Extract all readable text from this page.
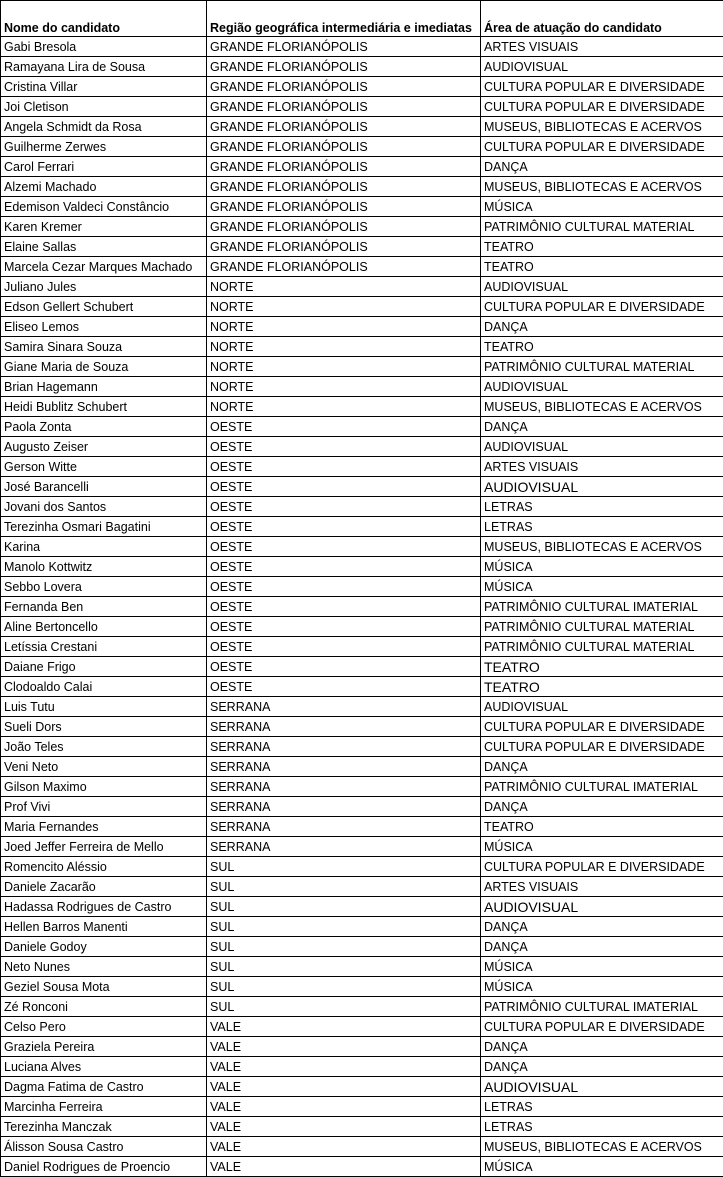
Nome do candidato	Região geográfica intermediária e imediatas	Área de atuação do candidato
Gabi Bresola	GRANDE FLORIANÓPOLIS	ARTES VISUAIS
Ramayana Lira de Sousa	GRANDE FLORIANÓPOLIS	AUDIOVISUAL
Cristina Villar	GRANDE FLORIANÓPOLIS	CULTURA POPULAR E DIVERSIDADE
Joi Cletison	GRANDE FLORIANÓPOLIS	CULTURA POPULAR E DIVERSIDADE
Angela Schmidt da Rosa	GRANDE FLORIANÓPOLIS	MUSEUS, BIBLIOTECAS E ACERVOS
Guilherme Zerwes	GRANDE FLORIANÓPOLIS	CULTURA POPULAR E DIVERSIDADE
Carol Ferrari	GRANDE FLORIANÓPOLIS	DANÇA
Alzemi Machado	GRANDE FLORIANÓPOLIS	MUSEUS, BIBLIOTECAS E ACERVOS
Edemison Valdeci Constâncio	GRANDE FLORIANÓPOLIS	MÚSICA
Karen Kremer	GRANDE FLORIANÓPOLIS	PATRIMÔNIO CULTURAL MATERIAL
Elaine Sallas	GRANDE FLORIANÓPOLIS	TEATRO
Marcela Cezar Marques Machado	GRANDE FLORIANÓPOLIS	TEATRO
Juliano Jules	NORTE	AUDIOVISUAL
Edson Gellert Schubert	NORTE	CULTURA POPULAR E DIVERSIDADE
Eliseo Lemos	NORTE	DANÇA
Samira Sinara Souza	NORTE	TEATRO
Giane Maria de Souza	NORTE	PATRIMÔNIO CULTURAL MATERIAL
Brian Hagemann	NORTE	AUDIOVISUAL
Heidi Bublitz Schubert	NORTE	MUSEUS, BIBLIOTECAS E ACERVOS
Paola Zonta	OESTE	DANÇA
Augusto Zeiser	OESTE	AUDIOVISUAL
Gerson Witte	OESTE	ARTES VISUAIS
José Barancelli	OESTE	AUDIOVISUAL
Jovani dos Santos	OESTE	LETRAS
Terezinha Osmari Bagatini	OESTE	LETRAS
Karina	OESTE	MUSEUS, BIBLIOTECAS E ACERVOS
Manolo Kottwitz	OESTE	MÚSICA
Sebbo Lovera	OESTE	MÚSICA
Fernanda Ben	OESTE	PATRIMÔNIO CULTURAL IMATERIAL
Aline Bertoncello	OESTE	PATRIMÔNIO CULTURAL MATERIAL
Letíssia Crestani	OESTE	PATRIMÔNIO CULTURAL MATERIAL
Daiane Frigo	OESTE	TEATRO
Clodoaldo Calai	OESTE	TEATRO
Luis Tutu	SERRANA	AUDIOVISUAL
Sueli Dors	SERRANA	CULTURA POPULAR E DIVERSIDADE
João Teles	SERRANA	CULTURA POPULAR E DIVERSIDADE
Veni Neto	SERRANA	DANÇA
Gilson Maximo	SERRANA	PATRIMÔNIO CULTURAL IMATERIAL
Prof Vivi	SERRANA	DANÇA
Maria Fernandes	SERRANA	TEATRO
Joed Jeffer Ferreira de Mello	SERRANA	MÚSICA
Romencito Aléssio	SUL	CULTURA POPULAR E DIVERSIDADE
Daniele Zacarão	SUL	ARTES VISUAIS
Hadassa Rodrigues de Castro	SUL	AUDIOVISUAL
Hellen Barros Manenti	SUL	DANÇA
Daniele Godoy	SUL	DANÇA
Neto Nunes	SUL	MÚSICA
Geziel Sousa Mota	SUL	MÚSICA
Zé Ronconi	SUL	PATRIMÔNIO CULTURAL IMATERIAL
Celso Pero	VALE	CULTURA POPULAR E DIVERSIDADE
Graziela Pereira	VALE	DANÇA
Luciana Alves	VALE	DANÇA
Dagma Fatima de Castro	VALE	AUDIOVISUAL
Marcinha Ferreira	VALE	LETRAS
Terezinha Manczak	VALE	LETRAS
Álisson Sousa Castro	VALE	MUSEUS, BIBLIOTECAS E ACERVOS
Daniel Rodrigues de Proencio	VALE	MÚSICA
